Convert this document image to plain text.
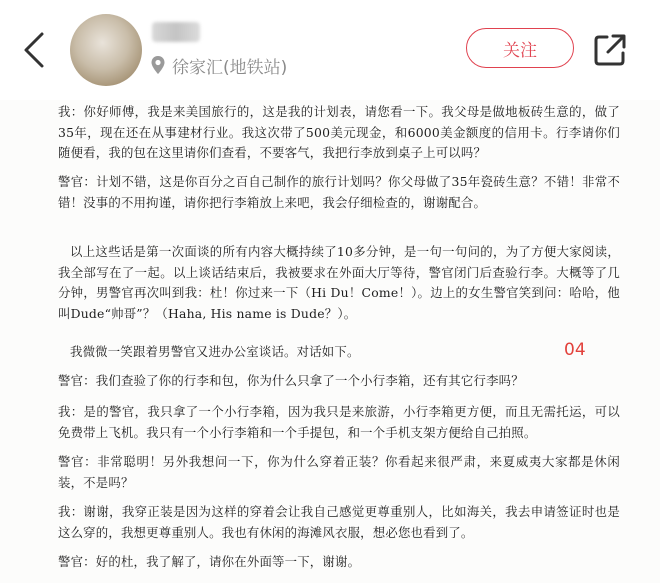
徐家汇(地铁站)
关注

我：你好师傅，我是来美国旅行的，这是我的计划表，请您看一下。我父母是做地板砖生意的，做了35年，现在还在从事建材行业。我这次带了500美元现金，和6000美金额度的信用卡。行李请你们随便看，我的包在这里请你们查看，不要客气，我把行李放到桌子上可以吗？

警官：计划不错，这是你百分之百自己制作的旅行计划吗？你父母做了35年瓷砖生意？不错！非常不错！没事的不用拘谨，请你把行李箱放上来吧，我会仔细检查的，谢谢配合。

以上这些话是第一次面谈的所有内容大概持续了10多分钟，是一句一句问的，为了方便大家阅读，我全部写在了一起。以上谈话结束后，我被要求在外面大厅等待，警官闭门后查验行李。大概等了几分钟，男警官再次叫到我：杜！你过来一下（Hi Du！Come！）。边上的女生警官笑到问：哈哈，他叫Dude“帅哥”？（Haha, His name is Dude？）。

我微微一笑跟着男警官又进办公室谈话。对话如下。	04

警官：我们查验了你的行李和包，你为什么只拿了一个小行李箱，还有其它行李吗？

我：是的警官，我只拿了一个小行李箱，因为我只是来旅游，小行李箱更方便，而且无需托运，可以免费带上飞机。我只有一个小行李箱和一个手提包，和一个手机支架方便给自己拍照。

警官：非常聪明！另外我想问一下，你为什么穿着正装？你看起来很严肃，来夏威夷大家都是休闲装，不是吗？

我：谢谢，我穿正装是因为这样的穿着会让我自己感觉更尊重别人，比如海关，我去申请签证时也是这么穿的，我想更尊重别人。我也有休闲的海滩风衣服，想必您也看到了。

警官：好的杜，我了解了，请你在外面等一下，谢谢。
